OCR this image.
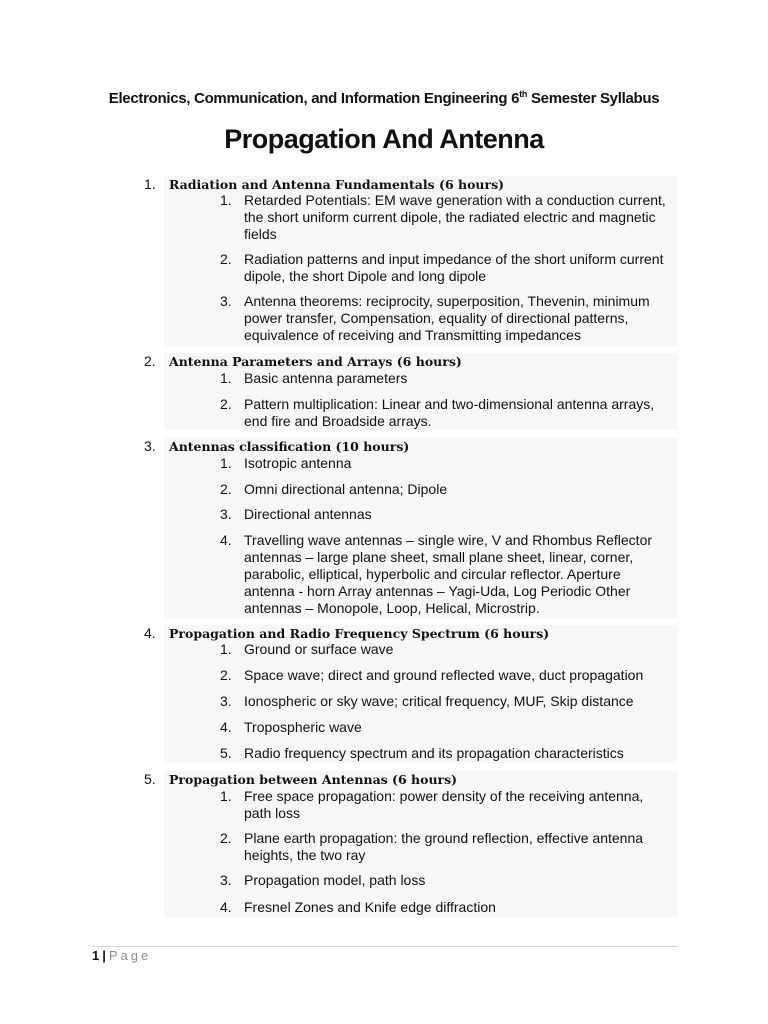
Electronics, Communication, and Information Engineering 6th Semester Syllabus
Propagation And Antenna
1. Radiation and Antenna Fundamentals (6 hours)
1. Retarded Potentials: EM wave generation with a conduction current, the short uniform current dipole, the radiated electric and magnetic fields
2. Radiation patterns and input impedance of the short uniform current dipole, the short Dipole and long dipole
3. Antenna theorems: reciprocity, superposition, Thevenin, minimum power transfer, Compensation, equality of directional patterns, equivalence of receiving and Transmitting impedances
2. Antenna Parameters and Arrays (6 hours)
1. Basic antenna parameters
2. Pattern multiplication: Linear and two-dimensional antenna arrays, end fire and Broadside arrays.
3. Antennas classification (10 hours)
1. Isotropic antenna
2. Omni directional antenna; Dipole
3. Directional antennas
4. Travelling wave antennas – single wire, V and Rhombus Reflector antennas – large plane sheet, small plane sheet, linear, corner, parabolic, elliptical, hyperbolic and circular reflector. Aperture antenna - horn Array antennas – Yagi-Uda, Log Periodic Other antennas – Monopole, Loop, Helical, Microstrip.
4. Propagation and Radio Frequency Spectrum (6 hours)
1. Ground or surface wave
2. Space wave; direct and ground reflected wave, duct propagation
3. Ionospheric or sky wave; critical frequency, MUF, Skip distance
4. Tropospheric wave
5. Radio frequency spectrum and its propagation characteristics
5. Propagation between Antennas (6 hours)
1. Free space propagation: power density of the receiving antenna, path loss
2. Plane earth propagation: the ground reflection, effective antenna heights, the two ray
3. Propagation model, path loss
4. Fresnel Zones and Knife edge diffraction
1 | Page
